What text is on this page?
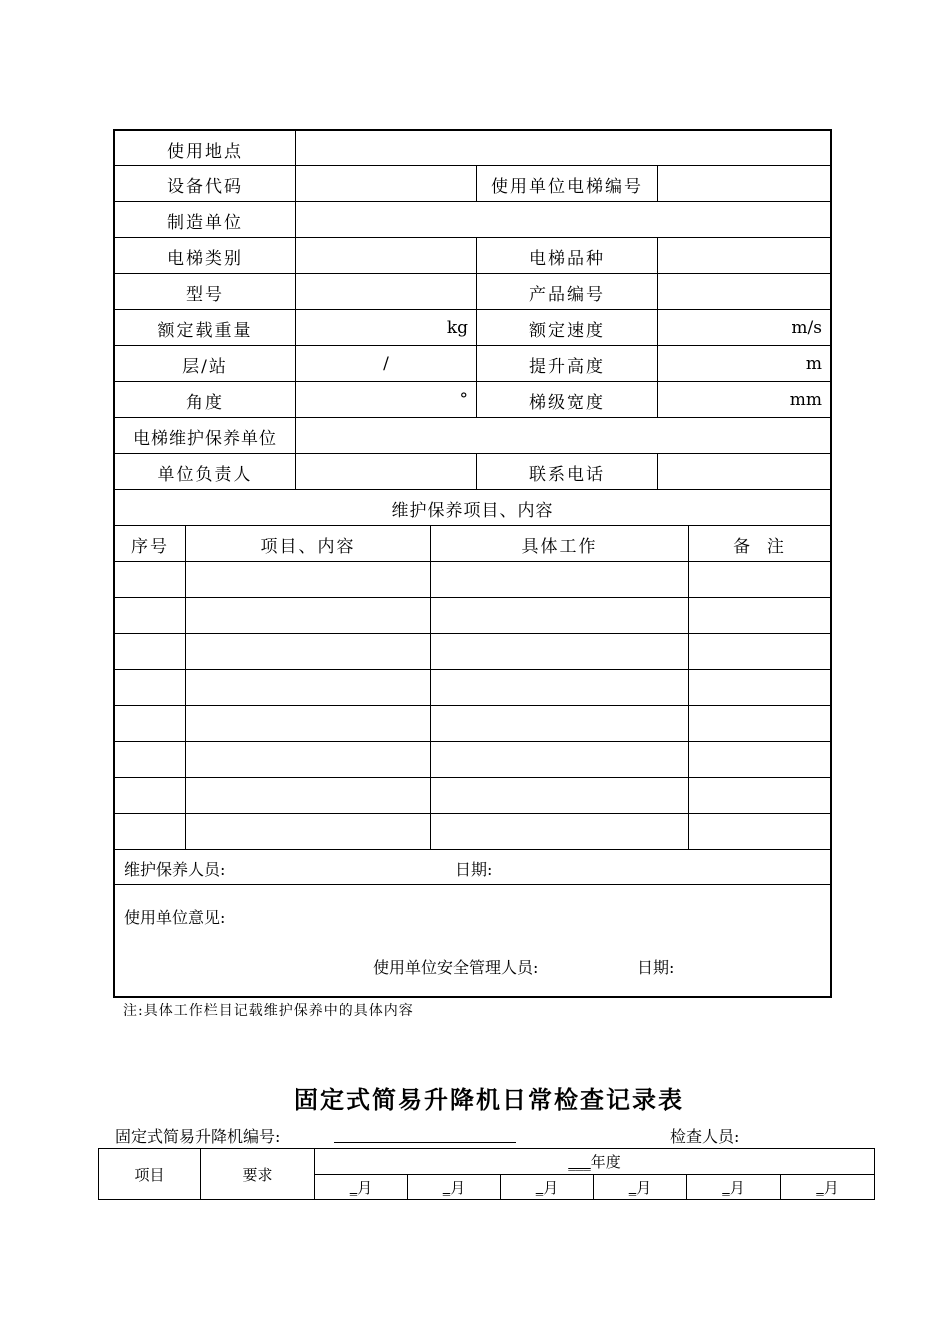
使用地点
设备代码	使用单位电梯编号
制造单位
电梯类别	电梯品种
型号	产品编号
额定载重量	kg	额定速度	m/s
层/站	/	提升高度	m
角度	°	梯级宽度	mm
电梯维护保养单位
单位负责人	联系电话
维护保养项目、内容
序号	项目、内容	具体工作	备  注
维护保养人员:	日期:
使用单位意见:
使用单位安全管理人员:	日期:
注:具体工作栏目记载维护保养中的具体内容
固定式简易升降机日常检查记录表
固定式简易升降机编号:	检查人员:
项目	要求
___ 年度
_ 月	_ 月	_ 月	_ 月	_ 月	_ 月
